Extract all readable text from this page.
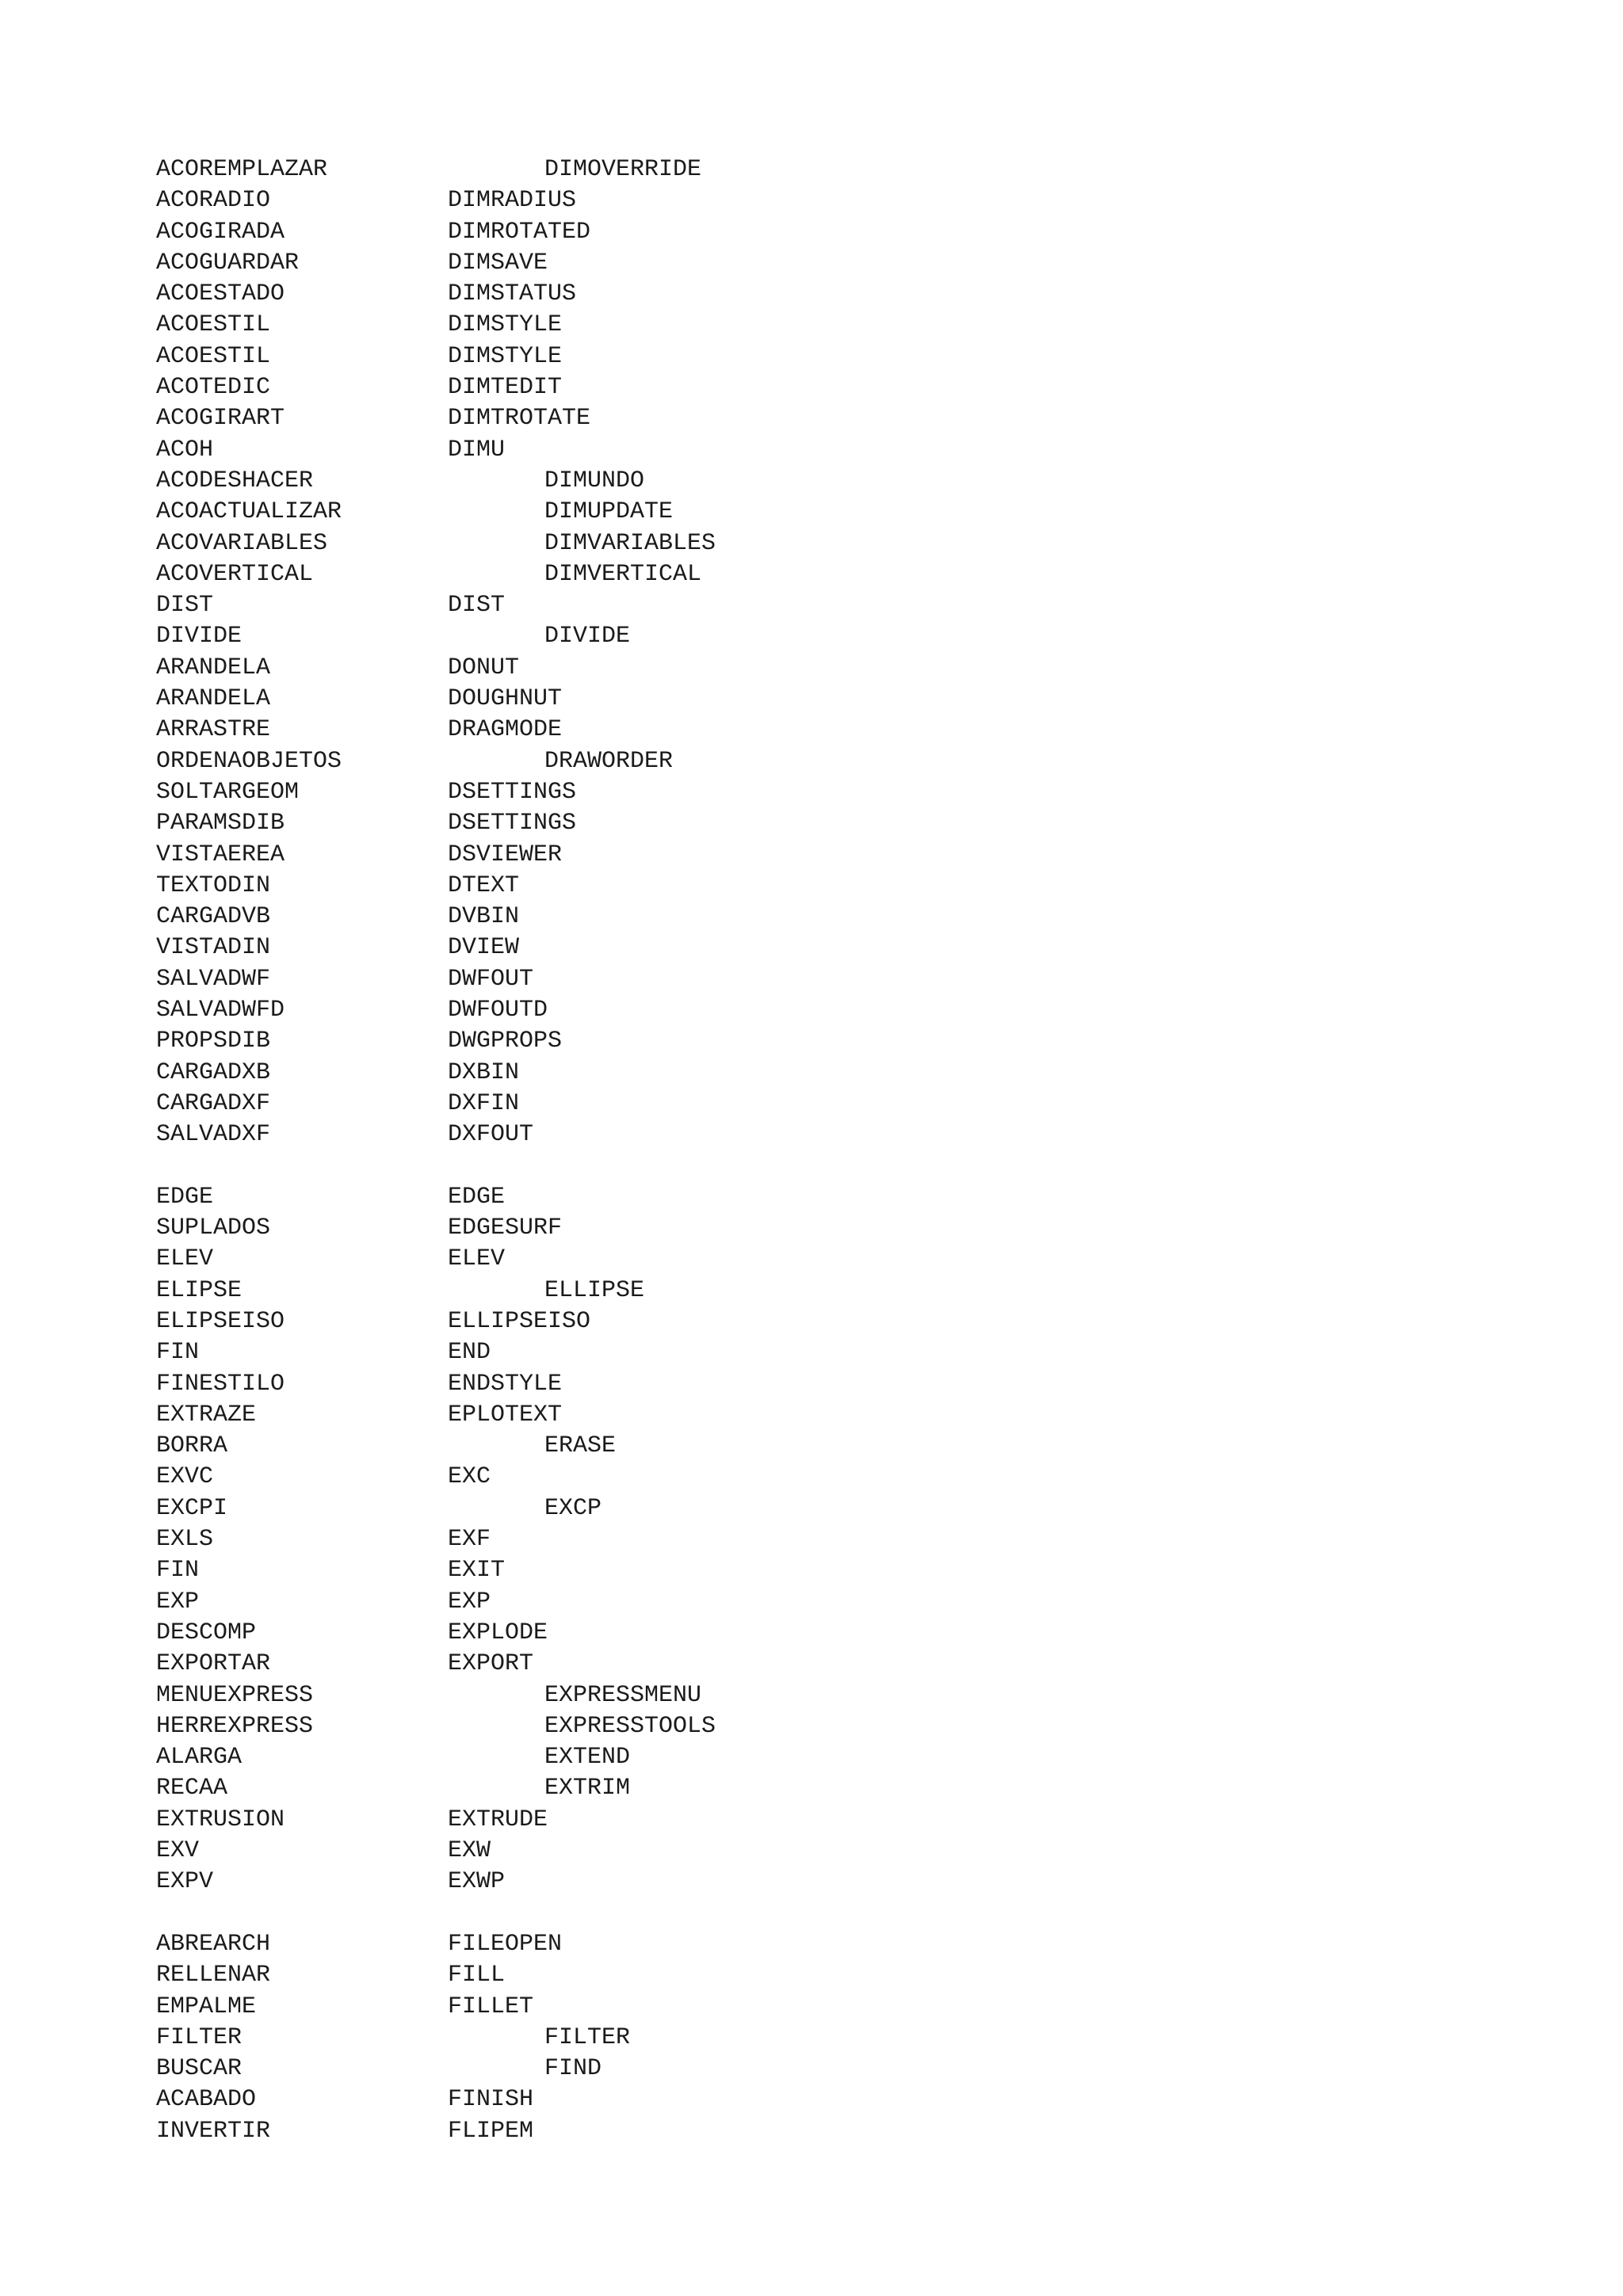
ACOREMPLAZAR	DIMOVERRIDE
ACORADIO	DIMRADIUS
ACOGIRADA	DIMROTATED
ACOGUARDAR	DIMSAVE
ACOESTADO	DIMSTATUS
ACOESTIL	DIMSTYLE
ACOESTIL	DIMSTYLE
ACOTEDIC	DIMTEDIT
ACOGIRART	DIMTROTATE
ACOH	DIMU
ACODESHACER	DIMUNDO
ACOACTUALIZAR	DIMUPDATE
ACOVARIABLES	DIMVARIABLES
ACOVERTICAL	DIMVERTICAL
DIST	DIST
DIVIDE	DIVIDE
ARANDELA	DONUT
ARANDELA	DOUGHNUT
ARRASTRE	DRAGMODE
ORDENAOBJETOS	DRAWORDER
SOLTARGEOM	DSETTINGS
PARAMSDIB	DSETTINGS
VISTAEREA	DSVIEWER
TEXTODIN	DTEXT
CARGADVB	DVBIN
VISTADIN	DVIEW
SALVADWF	DWFOUT
SALVADWFD	DWFOUTD
PROPSDIB	DWGPROPS
CARGADXB	DXBIN
CARGADXF	DXFIN
SALVADXF	DXFOUT
EDGE	EDGE
SUPLADOS	EDGESURF
ELEV	ELEV
ELIPSE	ELLIPSE
ELIPSEISO	ELLIPSEISO
FIN	END
FINESTILO	ENDSTYLE
EXTRAZE	EPLOTEXT
BORRA	ERASE
EXVC	EXC
EXCPI	EXCP
EXLS	EXF
FIN	EXIT
EXP	EXP
DESCOMP	EXPLODE
EXPORTAR	EXPORT
MENUEXPRESS	EXPRESSMENU
HERREXPRESS	EXPRESSTOOLS
ALARGA	EXTEND
RECAA	EXTRIM
EXTRUSION	EXTRUDE
EXV	EXW
EXPV	EXWP
ABREARCH	FILEOPEN
RELLENAR	FILL
EMPALME	FILLET
FILTER	FILTER
BUSCAR	FIND
ACABADO	FINISH
INVERTIR	FLIPEM
